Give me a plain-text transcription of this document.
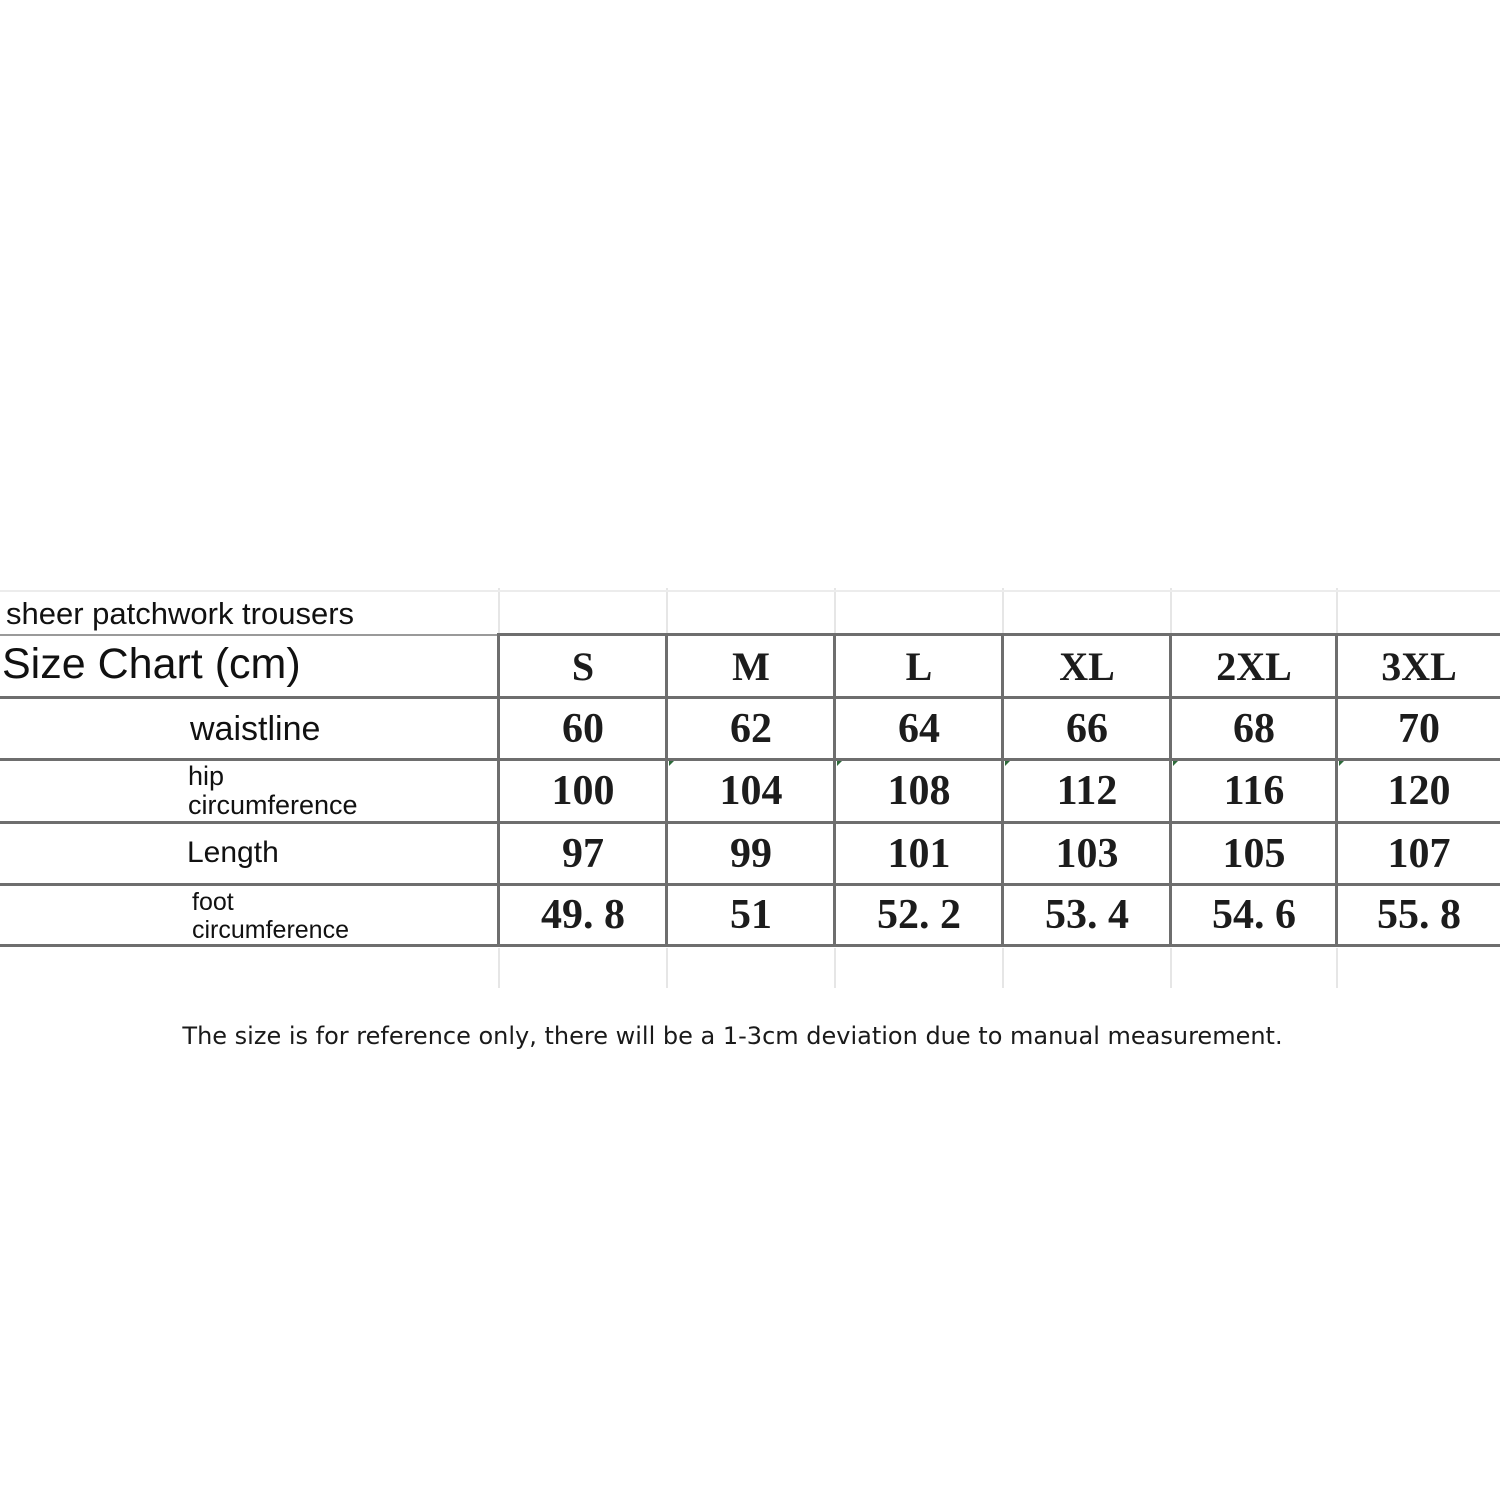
sheer patchwork trousers
Size Chart (cm)	S	M	L	XL	2XL	3XL
waistline	60	62	64	66	68	70
hip
circumference	100	104	108	112	116	120
Length	97	99	101	103	105	107
foot
circumference	49. 8	51	52. 2	53. 4	54. 6	55. 8
The size is for reference only, there will be a 1-3cm deviation due to manual measurement.
